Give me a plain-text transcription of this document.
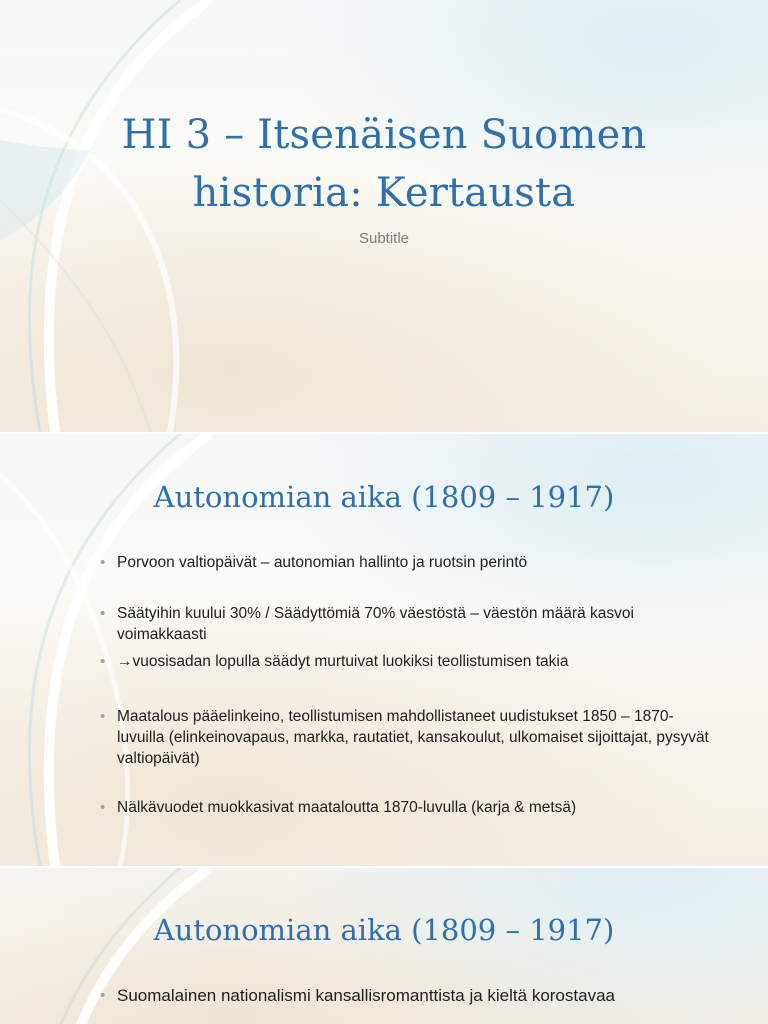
HI 3 – Itsenäisen Suomen
historia: Kertausta
Subtitle
Autonomian aika (1809 – 1917)
• Porvoon valtiopäivät – autonomian hallinto ja ruotsin perintö
• Säätyihin kuului 30% / Säädyttömiä 70% väestöstä – väestön määrä kasvoi voimakkaasti
• →vuosisadan lopulla säädyt murtuivat luokiksi teollistumisen takia
• Maatalous pääelinkeino, teollistumisen mahdollistaneet uudistukset 1850 – 1870-luvuilla (elinkeinovapaus, markka, rautatiet, kansakoulut, ulkomaiset sijoittajat, pysyvät valtiopäivät)
• Nälkävuodet muokkasivat maataloutta 1870-luvulla (karja & metsä)
Autonomian aika (1809 – 1917)
• Suomalainen nationalismi kansallisromanttista ja kieltä korostavaa
